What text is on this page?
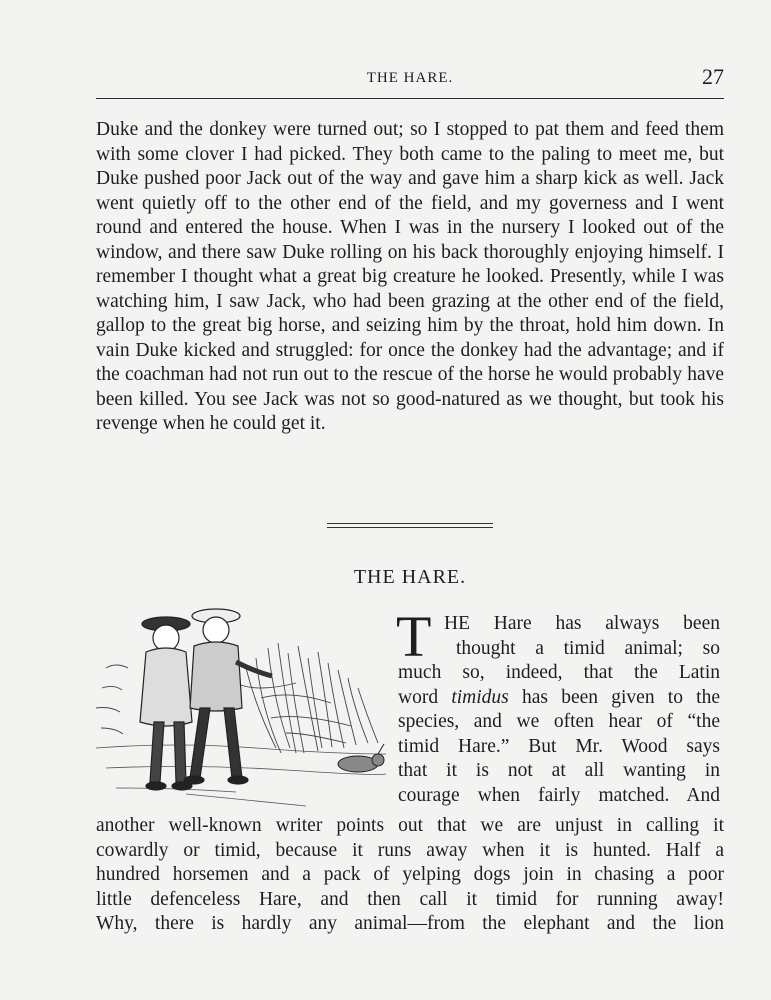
THE HARE.	27

Duke and the donkey were turned out; so I stopped to pat them and feed them with some clover I had picked. They both came to the paling to meet me, but Duke pushed poor Jack out of the way and gave him a sharp kick as well. Jack went quietly off to the other end of the field, and my governess and I went round and entered the house. When I was in the nursery I looked out of the window, and there saw Duke rolling on his back thoroughly enjoying himself. I remember I thought what a great big creature he looked. Presently, while I was watching him, I saw Jack, who had been grazing at the other end of the field, gallop to the great big horse, and seizing him by the throat, hold him down. In vain Duke kicked and struggled: for once the donkey had the advantage; and if the coachman had not run out to the rescue of the horse he would probably have been killed. You see Jack was not so good-natured as we thought, but took his revenge when he could get it.

THE HARE.
T HE Hare has always been
thought a timid animal; so
much so, indeed, that the Latin
word timidus has been given to the
species, and we often hear of “the
timid Hare.” But Mr. Wood says
that it is not at all wanting in
courage when fairly matched. And
another well-known writer points out that we are unjust in calling it
cowardly or timid, because it runs away when it is hunted. Half a
hundred horsemen and a pack of yelping dogs join in chasing a poor
little defenceless Hare, and then call it timid for running away!
Why, there is hardly any animal—from the elephant and the lion
